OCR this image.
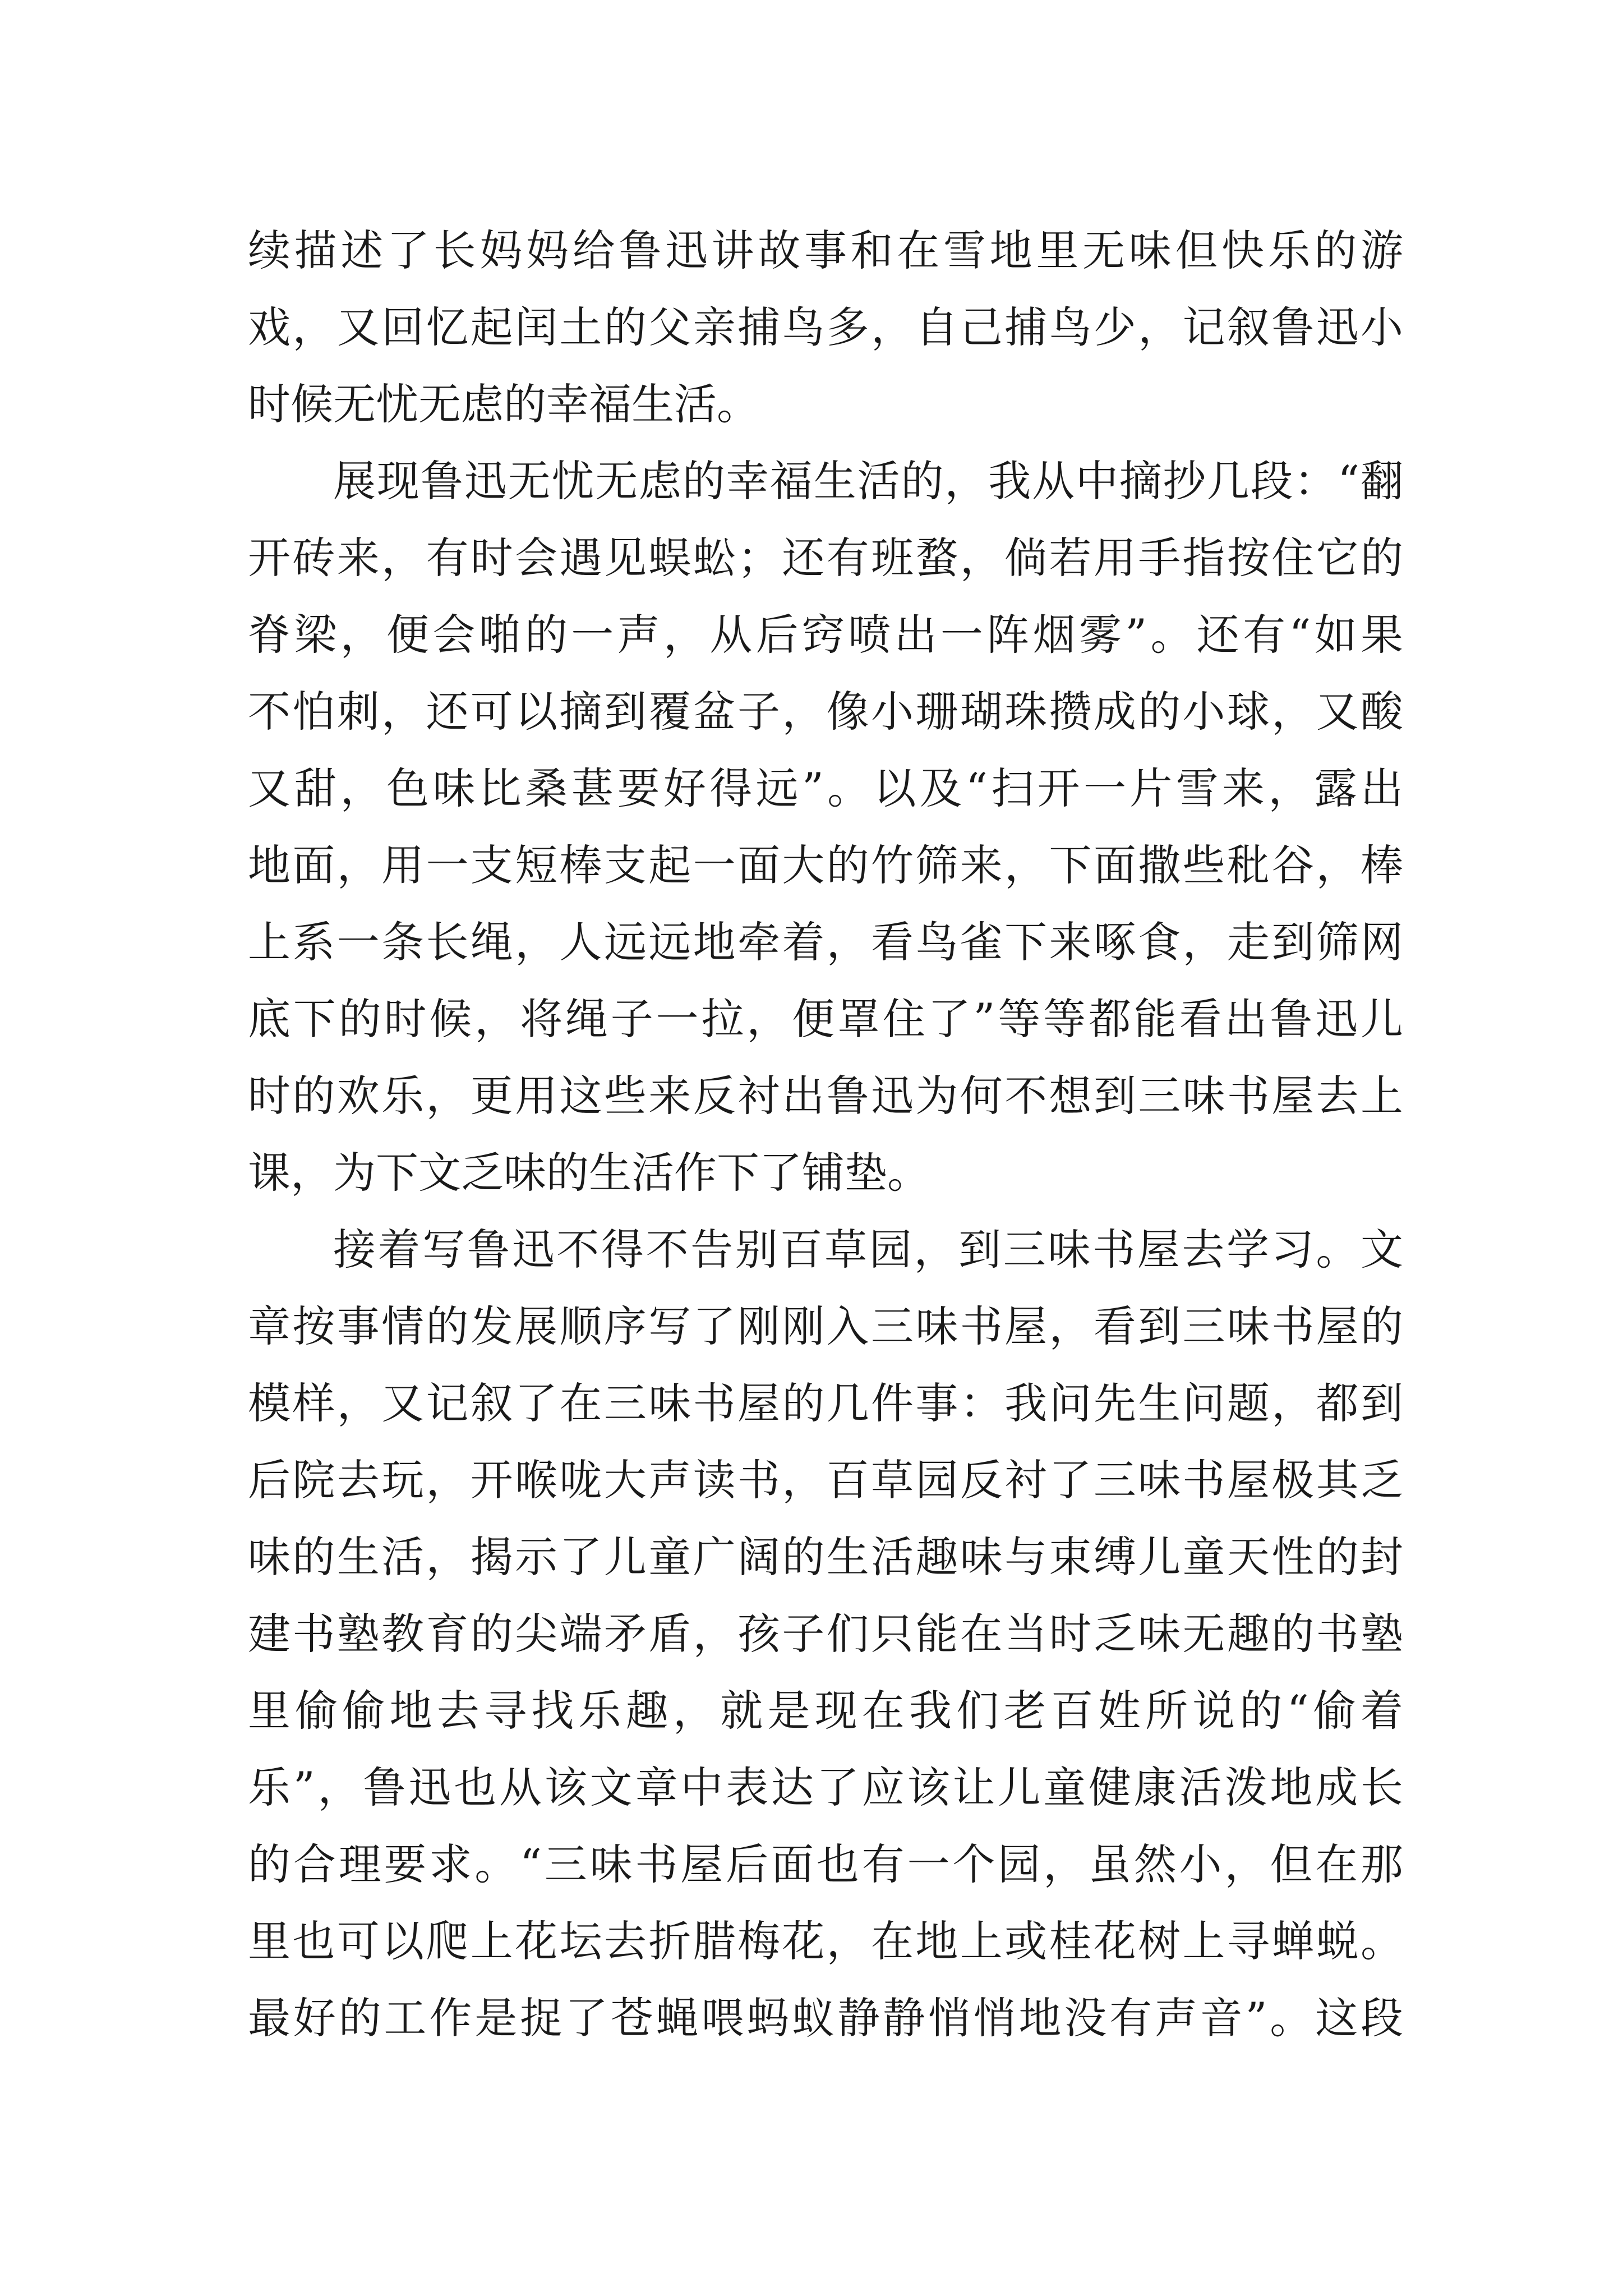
续描述了长妈妈给鲁迅讲故事和在雪地里无味但快乐的游
戏，又回忆起闰土的父亲捕鸟多，自己捕鸟少，记叙鲁迅小
时候无忧无虑的幸福生活。
展现鲁迅无忧无虑的幸福生活的，我从中摘抄几段：“翻
开砖来，有时会遇见蜈蚣；还有班蝥，倘若用手指按住它的
脊梁，便会啪的一声，从后窍喷出一阵烟雾”。还有“如果
不怕刺，还可以摘到覆盆子，像小珊瑚珠攒成的小球，又酸
又甜，色味比桑葚要好得远”。以及“扫开一片雪来，露出
地面，用一支短棒支起一面大的竹筛来，下面撒些秕谷，棒
上系一条长绳，人远远地牵着，看鸟雀下来啄食，走到筛网
底下的时候，将绳子一拉，便罩住了”等等都能看出鲁迅儿
时的欢乐，更用这些来反衬出鲁迅为何不想到三味书屋去上
课，为下文乏味的生活作下了铺垫。
接着写鲁迅不得不告别百草园，到三味书屋去学习。文
章按事情的发展顺序写了刚刚入三味书屋，看到三味书屋的
模样，又记叙了在三味书屋的几件事：我问先生问题，都到
后院去玩，开喉咙大声读书，百草园反衬了三味书屋极其乏
味的生活，揭示了儿童广阔的生活趣味与束缚儿童天性的封
建书塾教育的尖端矛盾，孩子们只能在当时乏味无趣的书塾
里偷偷地去寻找乐趣，就是现在我们老百姓所说的“偷着
乐”，鲁迅也从该文章中表达了应该让儿童健康活泼地成长
的合理要求。“三味书屋后面也有一个园，虽然小，但在那
里也可以爬上花坛去折腊梅花，在地上或桂花树上寻蝉蜕。
最好的工作是捉了苍蝇喂蚂蚁静静悄悄地没有声音”。这段
